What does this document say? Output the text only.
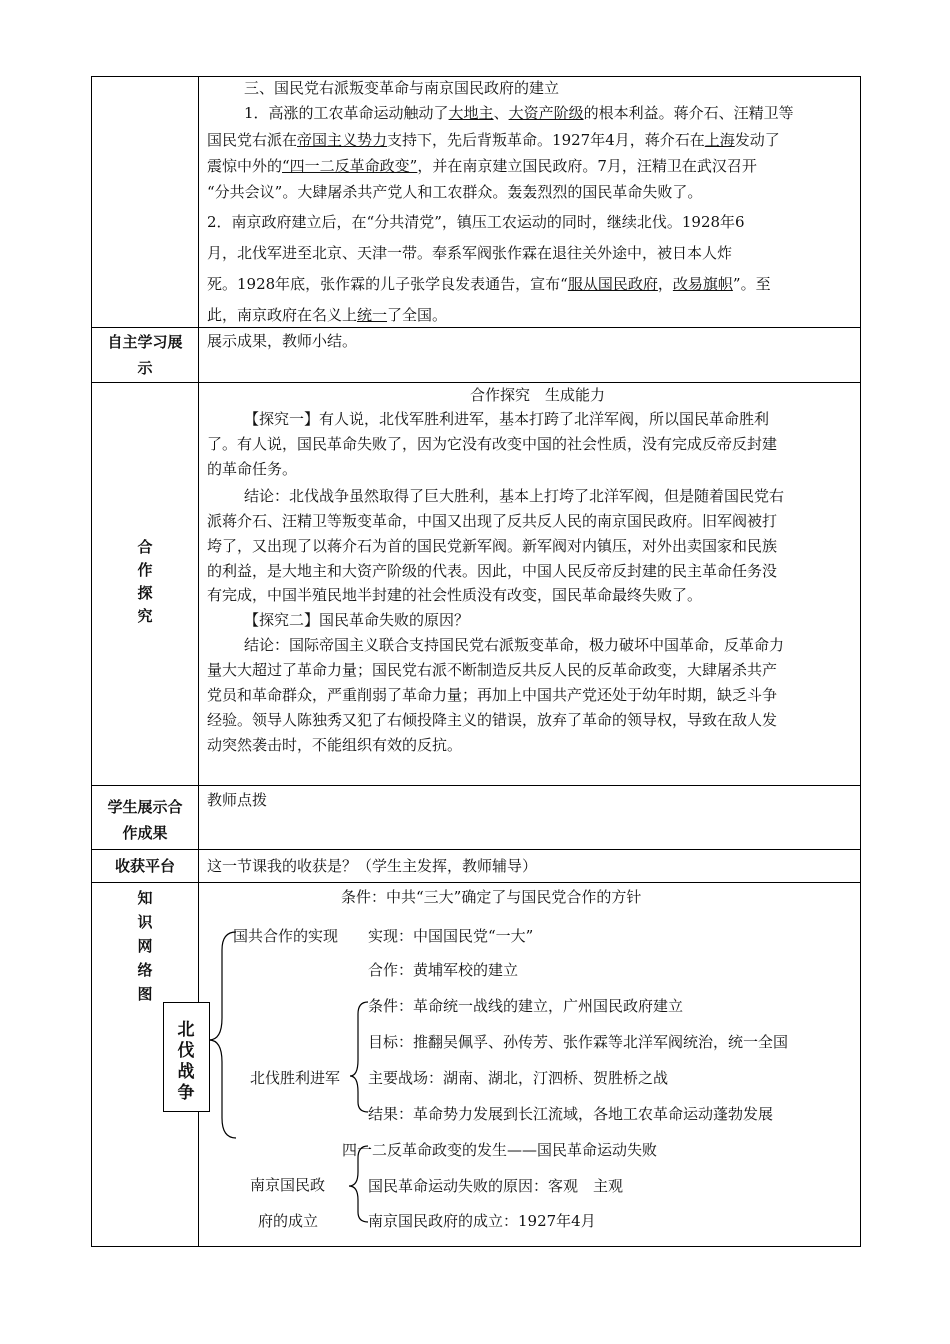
三、国民党右派叛变革命与南京国民政府的建立
1．高涨的工农革命运动触动了大地主、大资产阶级的根本利益。蒋介石、汪精卫等
国民党右派在帝国主义势力支持下，先后背叛革命。1927年4月，蒋介石在上海发动了
震惊中外的“四一二反革命政变”，并在南京建立国民政府。7月，汪精卫在武汉召开
“分共会议”。大肆屠杀共产党人和工农群众。轰轰烈烈的国民革命失败了。
2．南京政府建立后，在“分共清党”，镇压工农运动的同时，继续北伐。1928年6
月，北伐军进至北京、天津一带。奉系军阀张作霖在退往关外途中，被日本人炸
死。1928年底，张作霖的儿子张学良发表通告，宣布“服从国民政府，改易旗帜”。至
此，南京政府在名义上统一了全国。
自主学习展
示
展示成果，教师小结。
合
作
探
究
合作探究　生成能力
【探究一】有人说，北伐军胜利进军，基本打跨了北洋军阀，所以国民革命胜利
了。有人说，国民革命失败了，因为它没有改变中国的社会性质，没有完成反帝反封建
的革命任务。
结论：北伐战争虽然取得了巨大胜利，基本上打垮了北洋军阀，但是随着国民党右
派蒋介石、汪精卫等叛变革命，中国又出现了反共反人民的南京国民政府。旧军阀被打
垮了，又出现了以蒋介石为首的国民党新军阀。新军阀对内镇压，对外出卖国家和民族
的利益，是大地主和大资产阶级的代表。因此，中国人民反帝反封建的民主革命任务没
有完成，中国半殖民地半封建的社会性质没有改变，国民革命最终失败了。
【探究二】国民革命失败的原因？
结论：国际帝国主义联合支持国民党右派叛变革命，极力破坏中国革命，反革命力
量大大超过了革命力量；国民党右派不断制造反共反人民的反革命政变，大肆屠杀共产
党员和革命群众，严重削弱了革命力量；再加上中国共产党还处于幼年时期，缺乏斗争
经验。领导人陈独秀又犯了右倾投降主义的错误，放弃了革命的领导权，导致在敌人发
动突然袭击时，不能组织有效的反抗。
学生展示合
作成果
教师点拨
收获平台	这一节课我的收获是？（学生主发挥，教师辅导）
知
识
网
络
图
北
伐
战
争
国共合作的实现
条件：中共“三大”确定了与国民党合作的方针
实现：中国国民党“一大”
合作：黄埔军校的建立
北伐胜利进军
条件：革命统一战线的建立，广州国民政府建立
目标：推翻吴佩孚、孙传芳、张作霖等北洋军阀统治，统一全国
主要战场：湖南、湖北，汀泗桥、贺胜桥之战
结果：革命势力发展到长江流域，各地工农革命运动蓬勃发展
南京国民政
府的成立
四一二反革命政变的发生——国民革命运动失败
国民革命运动失败的原因：客观　主观
南京国民政府的成立：1927年4月
